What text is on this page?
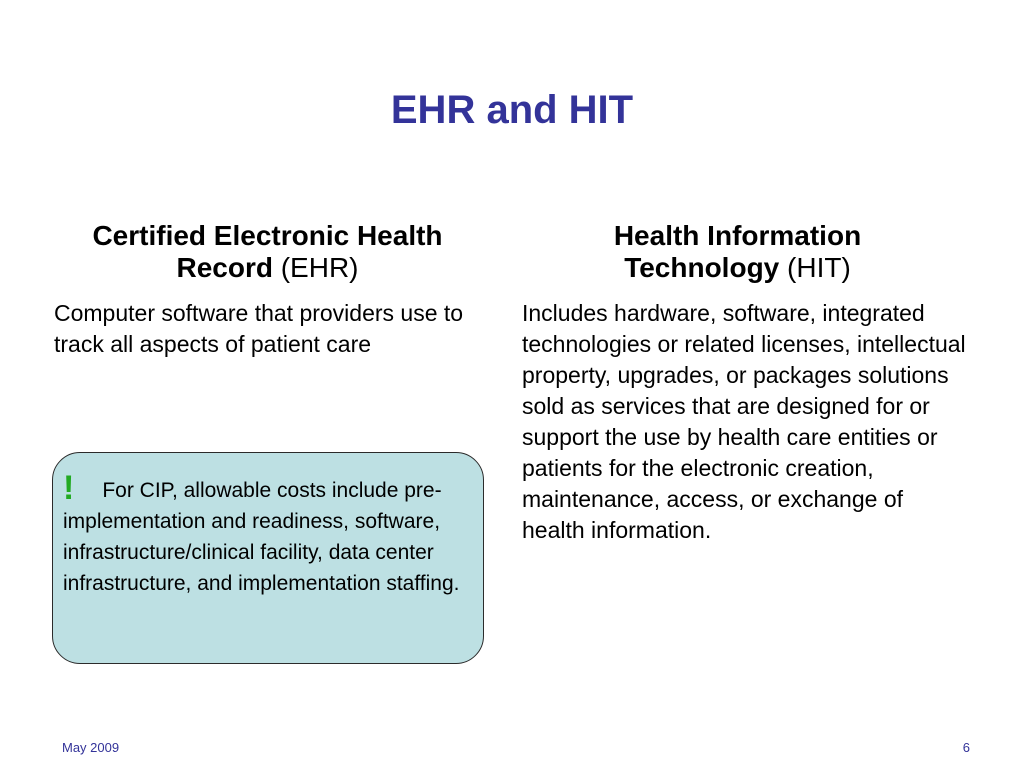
EHR and HIT
Certified Electronic Health
Record (EHR)
Computer software that providers use to track all aspects of patient care
Health Information
Technology (HIT)
Includes hardware, software, integrated technologies or related licenses, intellectual property, upgrades, or packages solutions sold as services that are designed for or support the use by health care entities or patients for the electronic creation, maintenance, access, or exchange of health information.
! For CIP, allowable costs include pre-implementation and readiness, software, infrastructure/clinical facility, data center infrastructure, and implementation staffing.
May 2009	6
